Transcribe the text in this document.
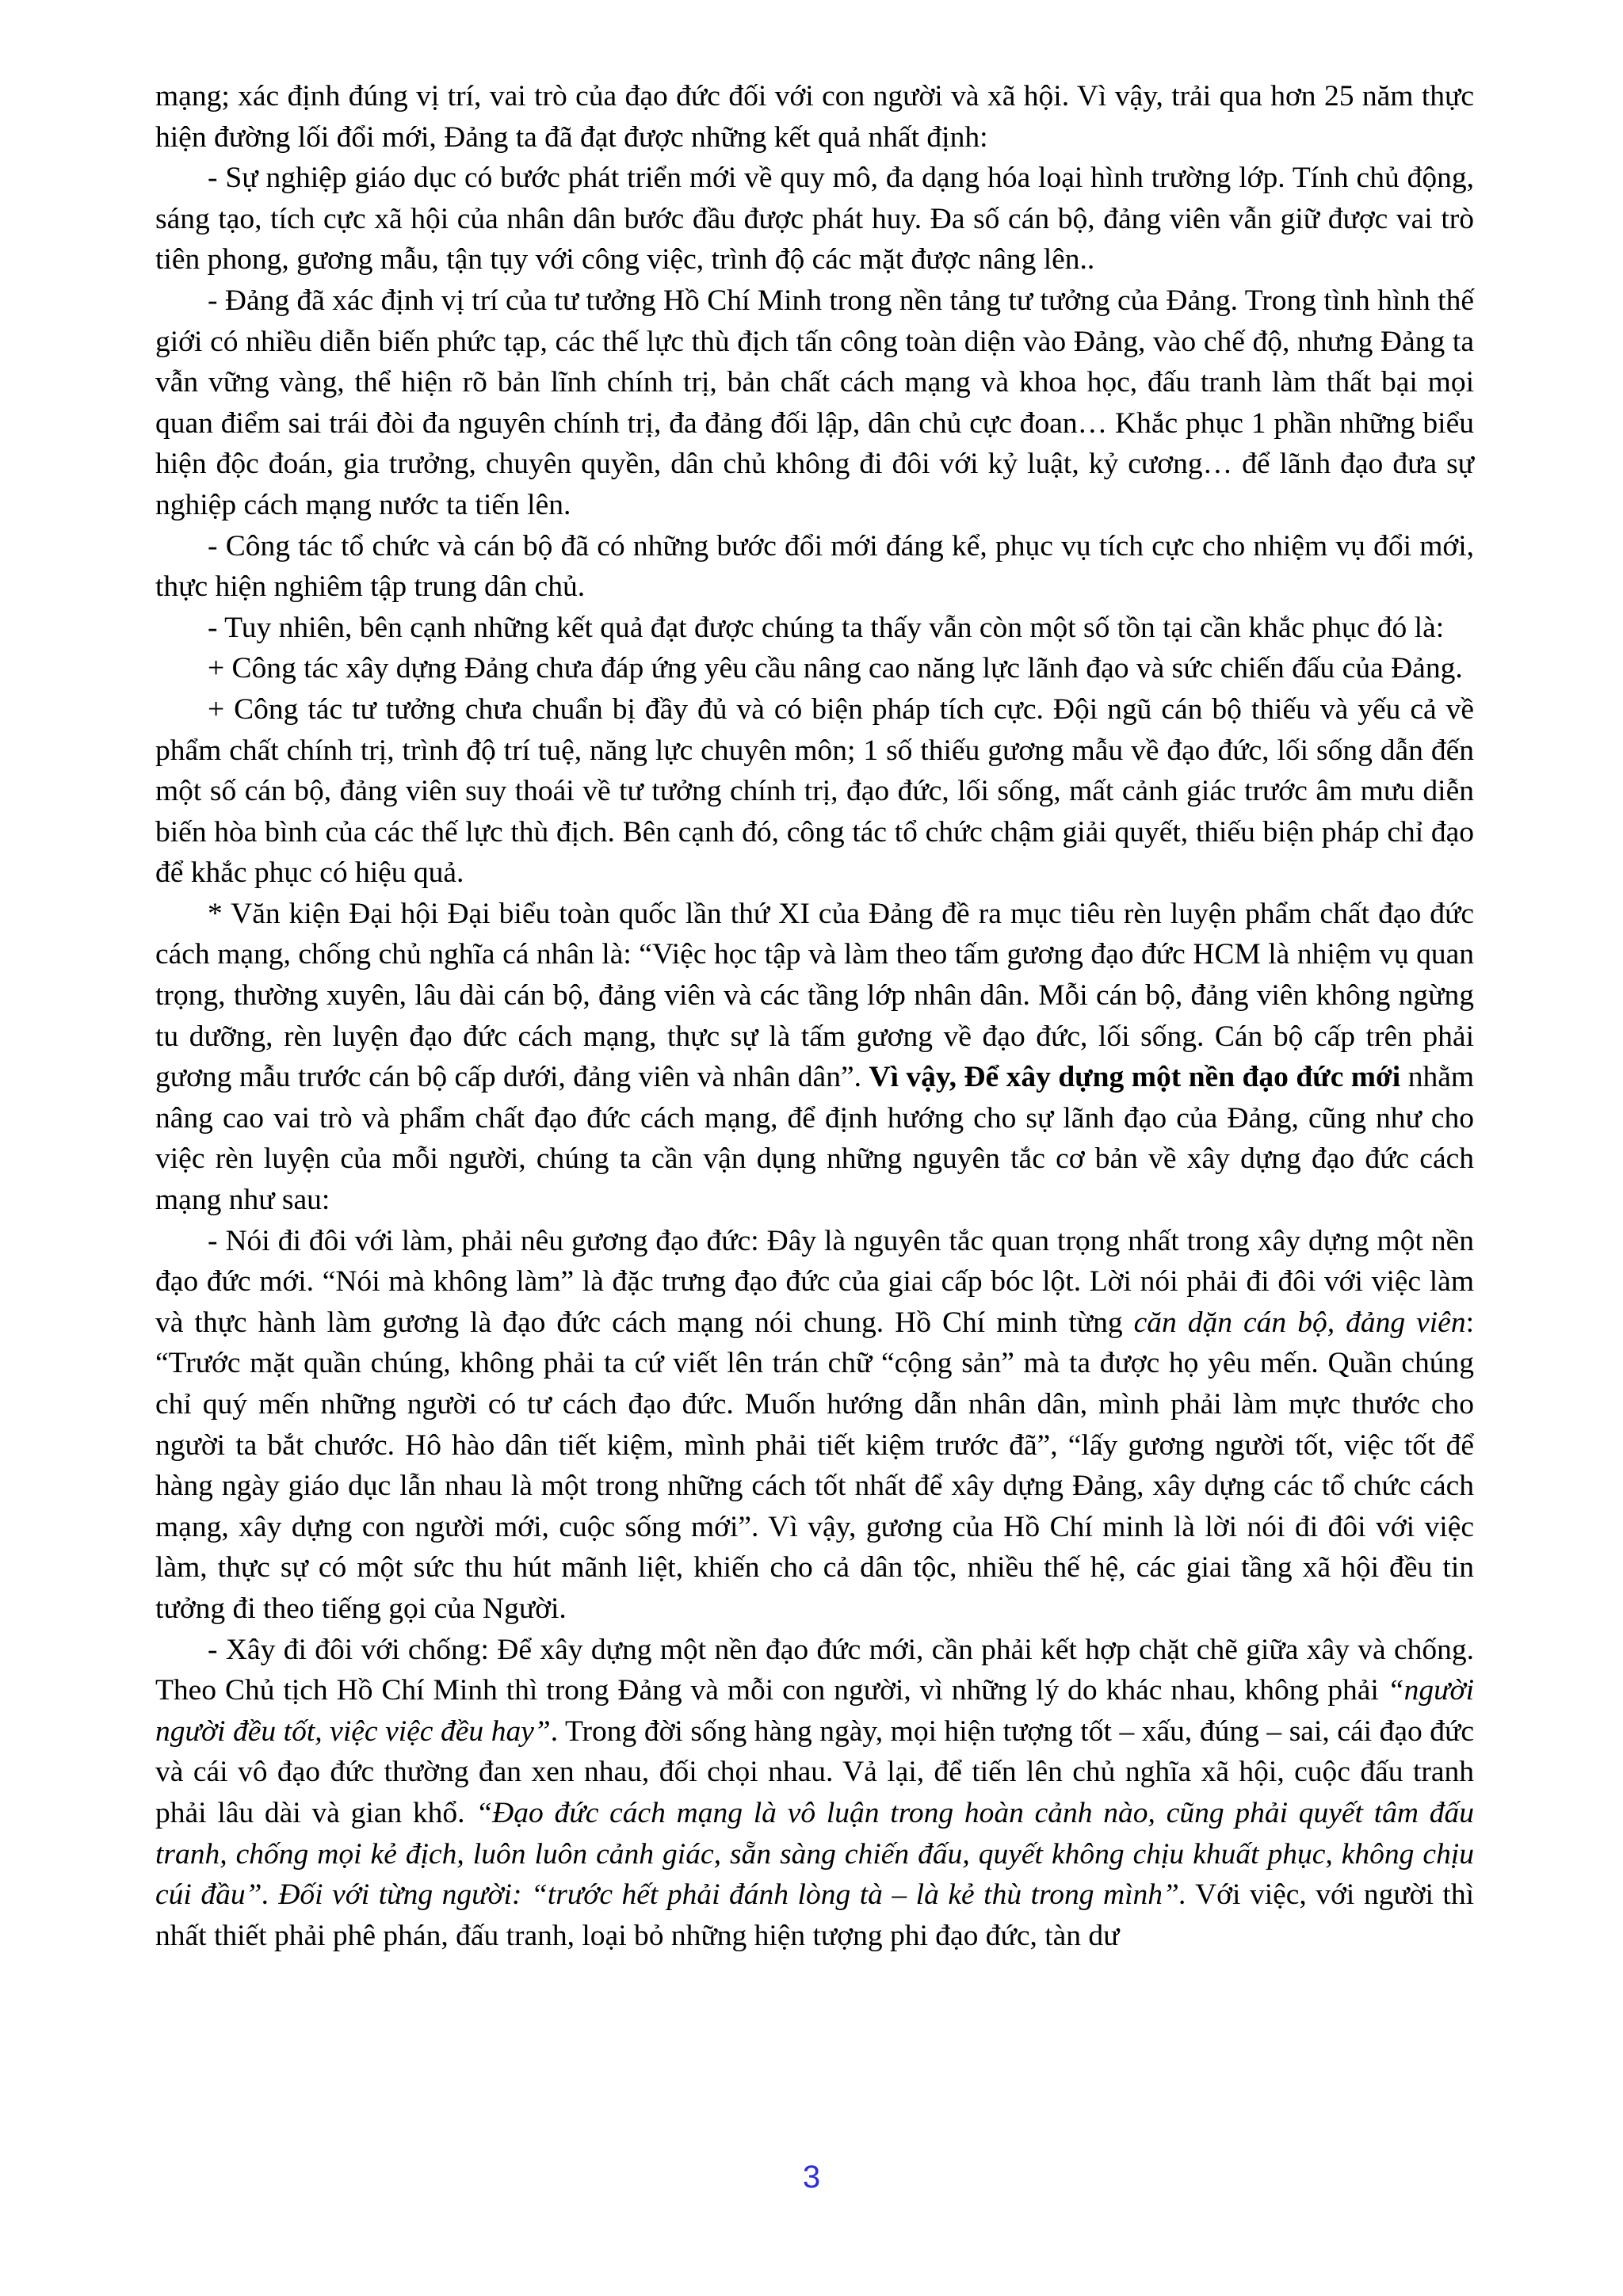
mạng; xác định đúng vị trí, vai trò của đạo đức đối với con người và xã hội. Vì vậy, trải qua hơn 25 năm thực hiện đường lối đổi mới, Đảng ta đã đạt được những kết quả nhất định:

- Sự nghiệp giáo dục có bước phát triển mới về quy mô, đa dạng hóa loại hình trường lớp. Tính chủ động, sáng tạo, tích cực xã hội của nhân dân bước đầu được phát huy. Đa số cán bộ, đảng viên vẫn giữ được vai trò tiên phong, gương mẫu, tận tụy với công việc, trình độ các mặt được nâng lên..

- Đảng đã xác định vị trí của tư tưởng Hồ Chí Minh trong nền tảng tư tưởng của Đảng. Trong tình hình thế giới có nhiều diễn biến phức tạp, các thế lực thù địch tấn công toàn diện vào Đảng, vào chế độ, nhưng Đảng ta vẫn vững vàng, thể hiện rõ bản lĩnh chính trị, bản chất cách mạng và khoa học, đấu tranh làm thất bại mọi quan điểm sai trái đòi đa nguyên chính trị, đa đảng đối lập, dân chủ cực đoan… Khắc phục 1 phần những biểu hiện độc đoán, gia trưởng, chuyên quyền, dân chủ không đi đôi với kỷ luật, kỷ cương… để lãnh đạo đưa sự nghiệp cách mạng nước ta tiến lên.

- Công tác tổ chức và cán bộ đã có những bước đổi mới đáng kể, phục vụ tích cực cho nhiệm vụ đổi mới, thực hiện nghiêm tập trung dân chủ.

- Tuy nhiên, bên cạnh những kết quả đạt được chúng ta thấy vẫn còn một số tồn tại cần khắc phục đó là:

+ Công tác xây dựng Đảng chưa đáp ứng yêu cầu nâng cao năng lực lãnh đạo và sức chiến đấu của Đảng.

+ Công tác tư tưởng chưa chuẩn bị đầy đủ và có biện pháp tích cực. Đội ngũ cán bộ thiếu và yếu cả về phẩm chất chính trị, trình độ trí tuệ, năng lực chuyên môn; 1 số thiếu gương mẫu về đạo đức, lối sống dẫn đến một số cán bộ, đảng viên suy thoái về tư tưởng chính trị, đạo đức, lối sống, mất cảnh giác trước âm mưu diễn biến hòa bình của các thế lực thù địch. Bên cạnh đó, công tác tổ chức chậm giải quyết, thiếu biện pháp chỉ đạo để khắc phục có hiệu quả.

* Văn kiện Đại hội Đại biểu toàn quốc lần thứ XI của Đảng đề ra mục tiêu rèn luyện phẩm chất đạo đức cách mạng, chống chủ nghĩa cá nhân là: “Việc học tập và làm theo tấm gương đạo đức HCM là nhiệm vụ quan trọng, thường xuyên, lâu dài cán bộ, đảng viên và các tầng lớp nhân dân. Mỗi cán bộ, đảng viên không ngừng tu dưỡng, rèn luyện đạo đức cách mạng, thực sự là tấm gương về đạo đức, lối sống. Cán bộ cấp trên phải gương mẫu trước cán bộ cấp dưới, đảng viên và nhân dân”. Vì vậy, Để xây dựng một nền đạo đức mới nhằm nâng cao vai trò và phẩm chất đạo đức cách mạng, để định hướng cho sự lãnh đạo của Đảng, cũng như cho việc rèn luyện của mỗi người, chúng ta cần vận dụng những nguyên tắc cơ bản về xây dựng đạo đức cách mạng như sau:

- Nói đi đôi với làm, phải nêu gương đạo đức: Đây là nguyên tắc quan trọng nhất trong xây dựng một nền đạo đức mới. “Nói mà không làm” là đặc trưng đạo đức của giai cấp bóc lột. Lời nói phải đi đôi với việc làm và thực hành làm gương là đạo đức cách mạng nói chung. Hồ Chí minh từng căn dặn cán bộ, đảng viên: “Trước mặt quần chúng, không phải ta cứ viết lên trán chữ “cộng sản” mà ta được họ yêu mến. Quần chúng chỉ quý mến những người có tư cách đạo đức. Muốn hướng dẫn nhân dân, mình phải làm mực thước cho người ta bắt chước. Hô hào dân tiết kiệm, mình phải tiết kiệm trước đã”, “lấy gương người tốt, việc tốt để hàng ngày giáo dục lẫn nhau là một trong những cách tốt nhất để xây dựng Đảng, xây dựng các tổ chức cách mạng, xây dựng con người mới, cuộc sống mới”. Vì vậy, gương của Hồ Chí minh là lời nói đi đôi với việc làm, thực sự có một sức thu hút mãnh liệt, khiến cho cả dân tộc, nhiều thế hệ, các giai tầng xã hội đều tin tưởng đi theo tiếng gọi của Người.

- Xây đi đôi với chống: Để xây dựng một nền đạo đức mới, cần phải kết hợp chặt chẽ giữa xây và chống. Theo Chủ tịch Hồ Chí Minh thì trong Đảng và mỗi con người, vì những lý do khác nhau, không phải “người người đều tốt, việc việc đều hay”. Trong đời sống hàng ngày, mọi hiện tượng tốt – xấu, đúng – sai, cái đạo đức và cái vô đạo đức thường đan xen nhau, đối chọi nhau. Vả lại, để tiến lên chủ nghĩa xã hội, cuộc đấu tranh phải lâu dài và gian khổ. “Đạo đức cách mạng là vô luận trong hoàn cảnh nào, cũng phải quyết tâm đấu tranh, chống mọi kẻ địch, luôn luôn cảnh giác, sẵn sàng chiến đấu, quyết không chịu khuất phục, không chịu cúi đầu”. Đối với từng người: “trước hết phải đánh lòng tà – là kẻ thù trong mình”. Với việc, với người thì nhất thiết phải phê phán, đấu tranh, loại bỏ những hiện tượng phi đạo đức, tàn dư

3
